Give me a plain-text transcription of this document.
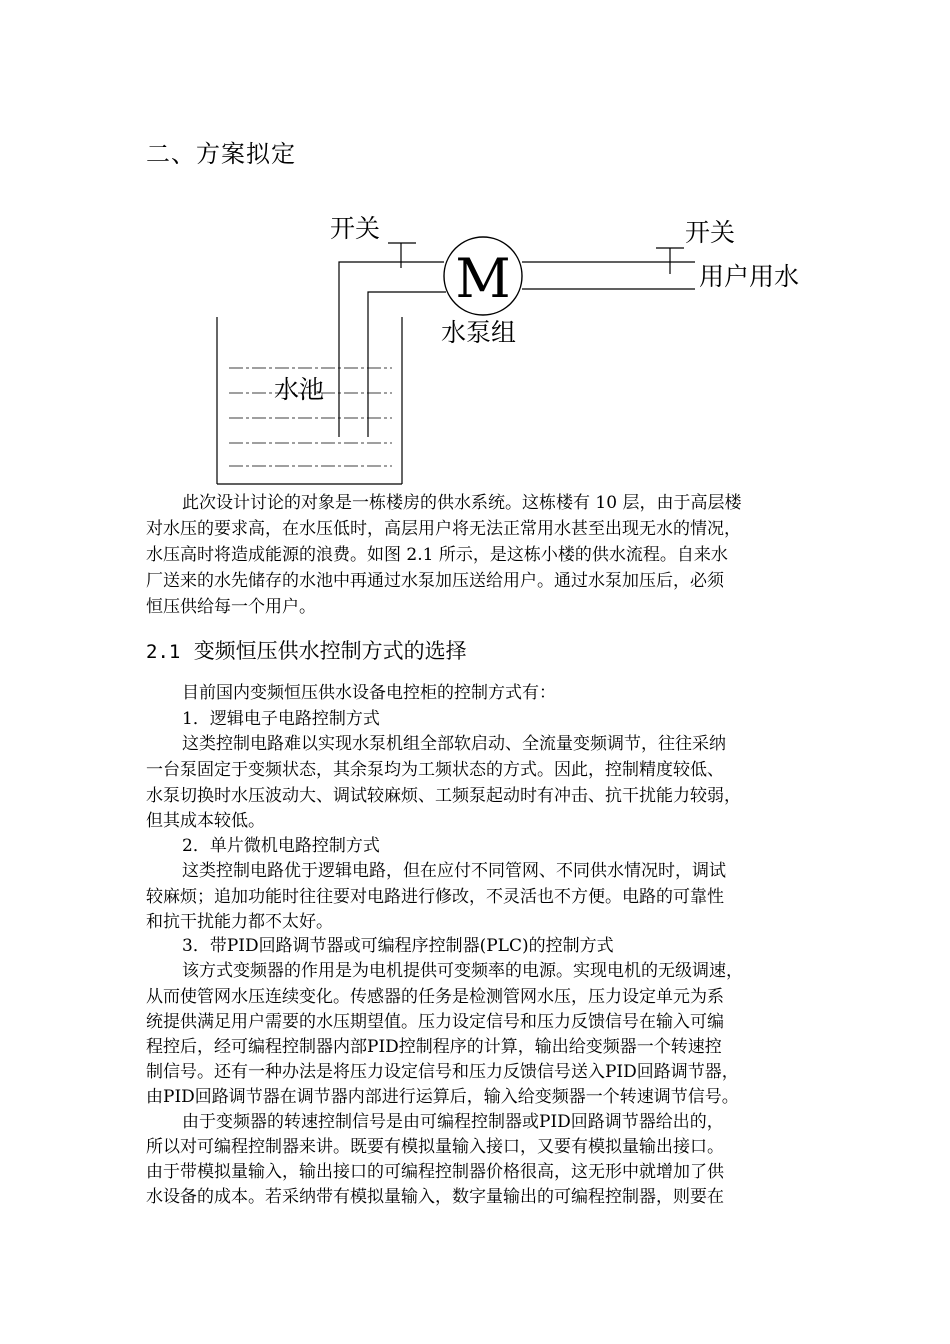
二、方案拟定
M
开关	开关
用户用水
水泵组
水池
此次设计讨论的对象是一栋楼房的供水系统。这栋楼有 10 层，由于高层楼
对水压的要求高，在水压低时，高层用户将无法正常用水甚至出现无水的情况，
水压高时将造成能源的浪费。如图 2.1 所示，是这栋小楼的供水流程。自来水
厂送来的水先储存的水池中再通过水泵加压送给用户。通过水泵加压后，必须
恒压供给每一个用户。
2.1 变频恒压供水控制方式的选择
目前国内变频恒压供水设备电控柜的控制方式有：
1．逻辑电子电路控制方式
这类控制电路难以实现水泵机组全部软启动、全流量变频调节，往往采纳
一台泵固定于变频状态，其余泵均为工频状态的方式。因此，控制精度较低、
水泵切换时水压波动大、调试较麻烦、工频泵起动时有冲击、抗干扰能力较弱，
但其成本较低。
2．单片微机电路控制方式
这类控制电路优于逻辑电路，但在应付不同管网、不同供水情况时，调试
较麻烦；追加功能时往往要对电路进行修改，不灵活也不方便。电路的可靠性
和抗干扰能力都不太好。
3．带PID回路调节器或可编程序控制器(PLC)的控制方式
该方式变频器的作用是为电机提供可变频率的电源。实现电机的无级调速，
从而使管网水压连续变化。传感器的任务是检测管网水压，压力设定单元为系
统提供满足用户需要的水压期望值。压力设定信号和压力反馈信号在输入可编
程控后，经可编程控制器内部PID控制程序的计算，输出给变频器一个转速控
制信号。还有一种办法是将压力设定信号和压力反馈信号送入PID回路调节器，
由PID回路调节器在调节器内部进行运算后，输入给变频器一个转速调节信号。
由于变频器的转速控制信号是由可编程控制器或PID回路调节器给出的，
所以对可编程控制器来讲。既要有模拟量输入接口，又要有模拟量输出接口。
由于带模拟量输入，输出接口的可编程控制器价格很高，这无形中就增加了供
水设备的成本。若采纳带有模拟量输入，数字量输出的可编程控制器，则要在
